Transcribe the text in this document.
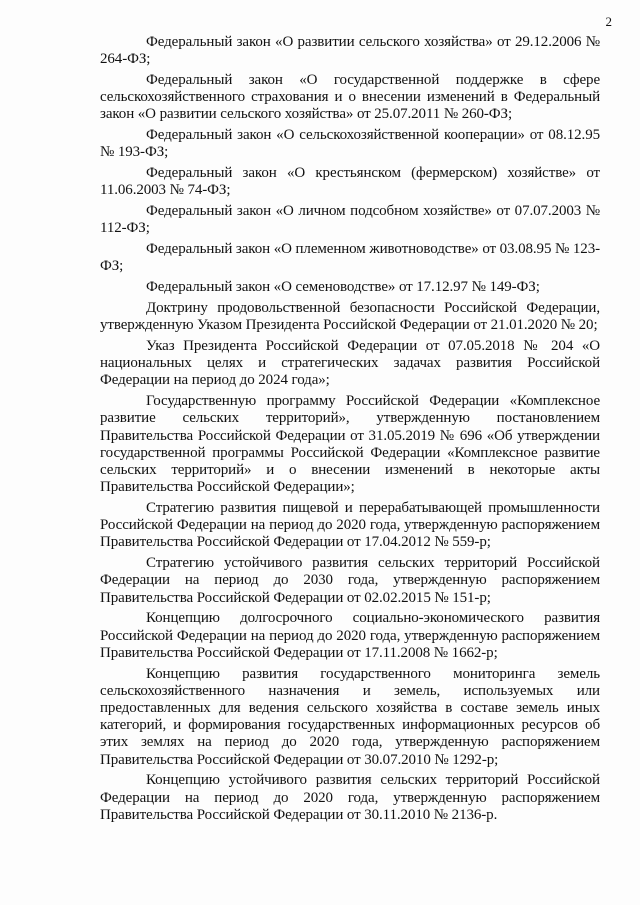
2

Федеральный закон «О развитии сельского хозяйства» от 29.12.2006 № 264-ФЗ;

Федеральный закон «О государственной поддержке в сфере сельскохозяйственного страхования и о внесении изменений в Федеральный закон «О развитии сельского хозяйства» от 25.07.2011 № 260-ФЗ;

Федеральный закон «О сельскохозяйственной кооперации» от 08.12.95 № 193-ФЗ;

Федеральный закон «О крестьянском (фермерском) хозяйстве» от 11.06.2003 № 74-ФЗ;

Федеральный закон «О личном подсобном хозяйстве» от 07.07.2003 № 112-ФЗ;

Федеральный закон «О племенном животноводстве» от 03.08.95 № 123-ФЗ;

Федеральный закон «О семеноводстве» от 17.12.97 № 149-ФЗ;

Доктрину продовольственной безопасности Российской Федерации, утвержденную Указом Президента Российской Федерации от 21.01.2020 № 20;

Указ Президента Российской Федерации от 07.05.2018 № 204 «О национальных целях и стратегических задачах развития Российской Федерации на период до 2024 года»;

Государственную программу Российской Федерации «Комплексное развитие сельских территорий», утвержденную постановлением Правительства Российской Федерации от 31.05.2019 № 696 «Об утверждении государственной программы Российской Федерации «Комплексное развитие сельских территорий» и о внесении изменений в некоторые акты Правительства Российской Федерации»;

Стратегию развития пищевой и перерабатывающей промышленности Российской Федерации на период до 2020 года, утвержденную распоряжением Правительства Российской Федерации от 17.04.2012 № 559-р;

Стратегию устойчивого развития сельских территорий Российской Федерации на период до 2030 года, утвержденную распоряжением Правительства Российской Федерации от 02.02.2015 № 151-р;

Концепцию долгосрочного социально-экономического развития Российской Федерации на период до 2020 года, утвержденную распоряжением Правительства Российской Федерации от 17.11.2008 № 1662-р;

Концепцию развития государственного мониторинга земель сельскохозяйственного назначения и земель, используемых или предоставленных для ведения сельского хозяйства в составе земель иных категорий, и формирования государственных информационных ресурсов об этих землях на период до 2020 года, утвержденную распоряжением Правительства Российской Федерации от 30.07.2010 № 1292-р;

Концепцию устойчивого развития сельских территорий Российской Федерации на период до 2020 года, утвержденную распоряжением Правительства Российской Федерации от 30.11.2010 № 2136-р.
